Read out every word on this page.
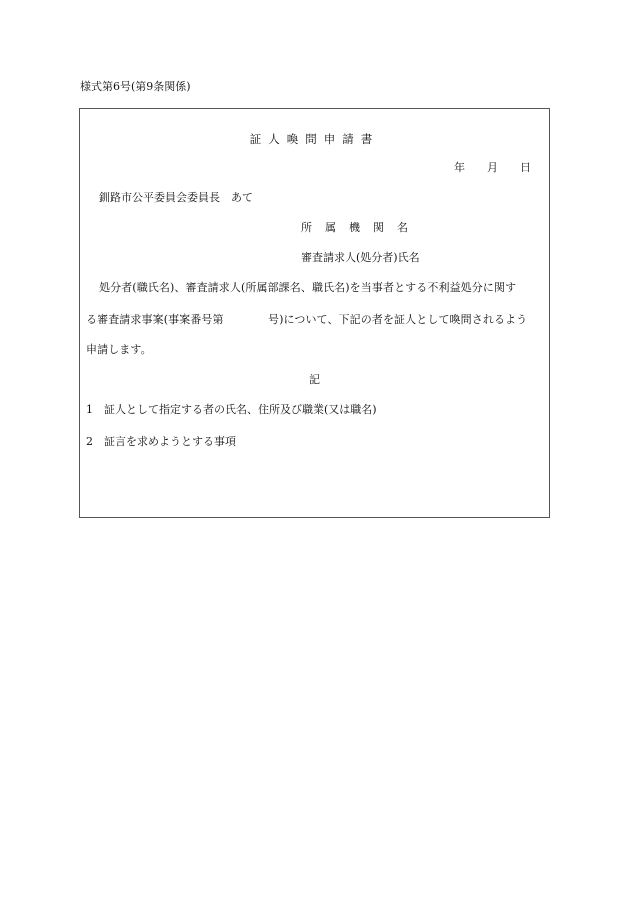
様式第6号(第9条関係)
証人喚問申請書
年　　月　　日
釧路市公平委員会委員長　あて
所属機関名
審査請求人(処分者)氏名
処分者(職氏名)、審査請求人(所属部課名、職氏名)を当事者とする不利益処分に関す
る審査請求事案(事案番号第　　　　号)について、下記の者を証人として喚問されるよう
申請します。
記
1　証人として指定する者の氏名、住所及び職業(又は職名)
2　証言を求めようとする事項
